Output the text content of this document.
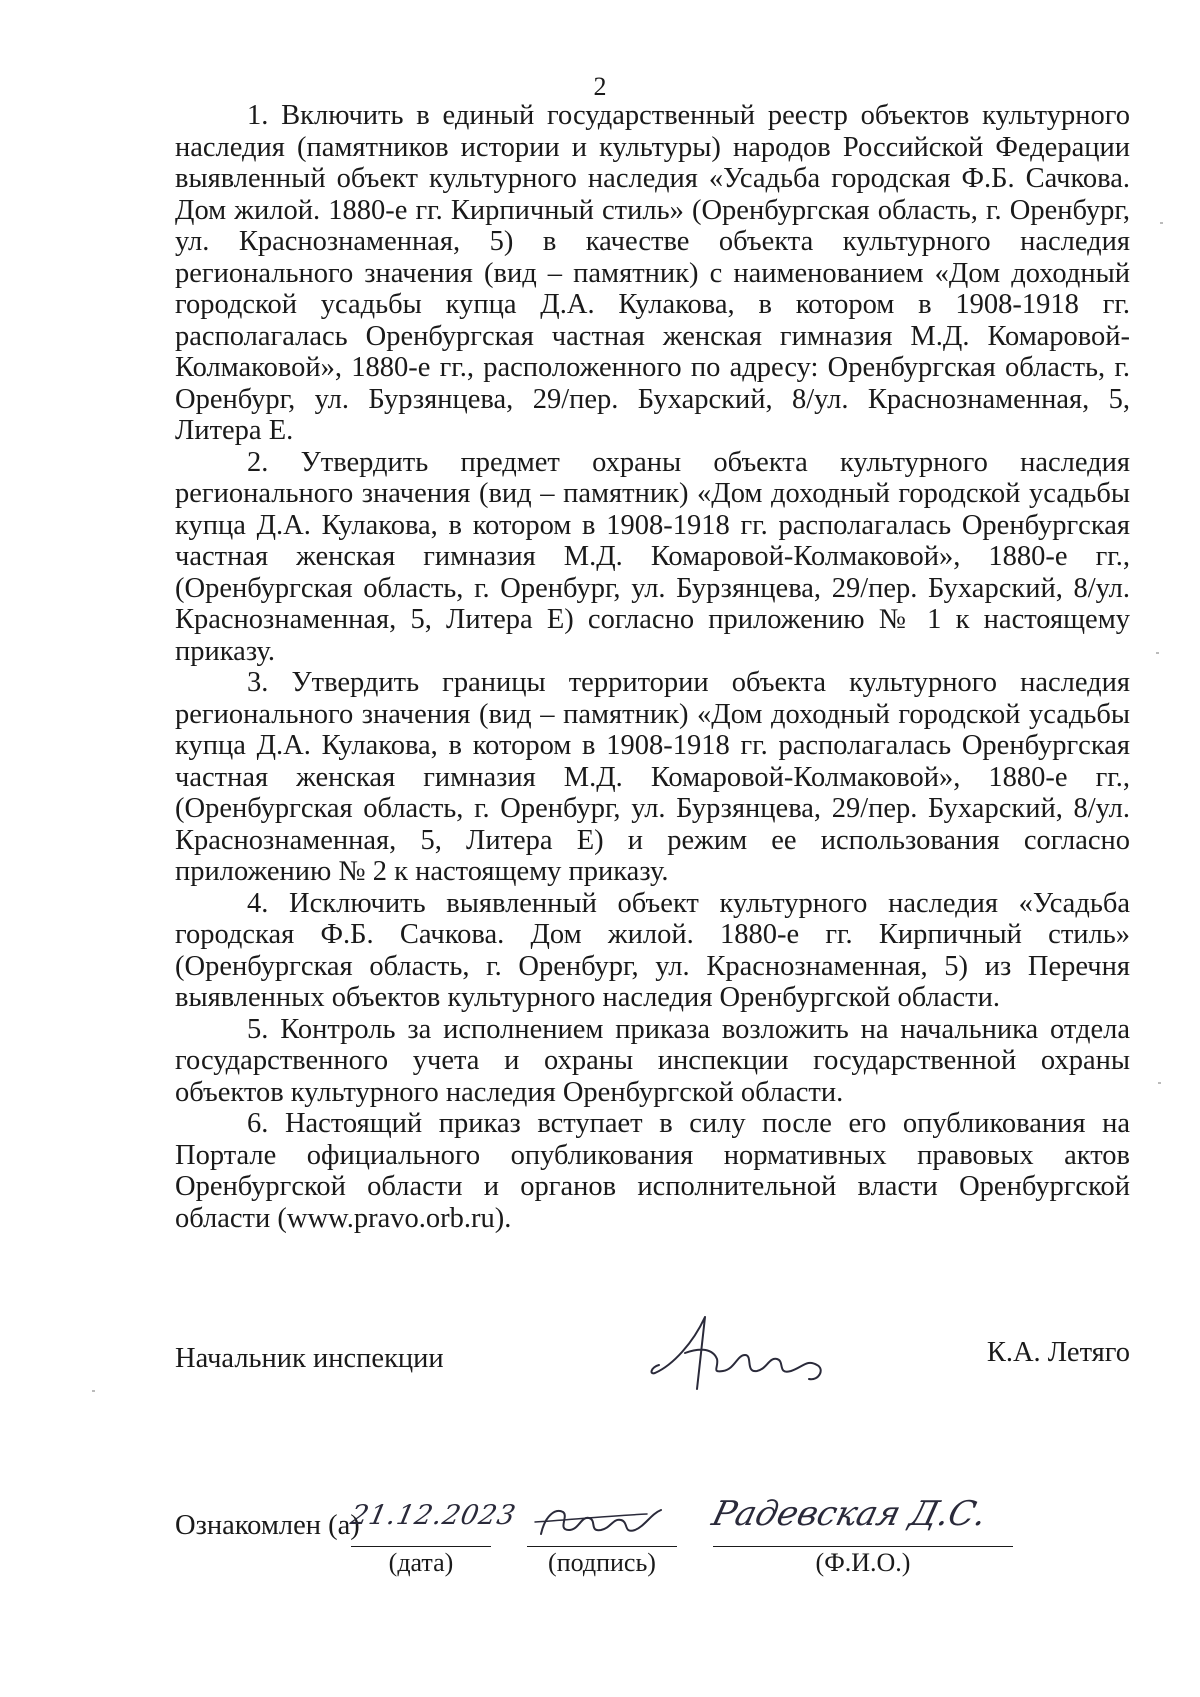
2

1. Включить в единый государственный реестр объектов культурного наследия (памятников истории и культуры) народов Российской Федерации выявленный объект культурного наследия «Усадьба городская Ф.Б. Сачкова. Дом жилой. 1880-е гг. Кирпичный стиль» (Оренбургская область, г. Оренбург, ул. Краснознаменная, 5) в качестве объекта культурного наследия регионального значения (вид – памятник) с наименованием «Дом доходный городской усадьбы купца Д.А. Кулакова, в котором в 1908-1918 гг. располагалась Оренбургская частная женская гимназия М.Д. Комаровой-Колмаковой», 1880-е гг., расположенного по адресу: Оренбургская область, г. Оренбург, ул. Бурзянцева, 29/пер. Бухарский, 8/ул. Краснознаменная, 5, Литера Е.

2. Утвердить предмет охраны объекта культурного наследия регионального значения (вид – памятник) «Дом доходный городской усадьбы купца Д.А. Кулакова, в котором в 1908-1918 гг. располагалась Оренбургская частная женская гимназия М.Д. Комаровой-Колмаковой», 1880-е гг., (Оренбургская область, г. Оренбург, ул. Бурзянцева, 29/пер. Бухарский, 8/ул. Краснознаменная, 5, Литера Е) согласно приложению № 1 к настоящему приказу.

3. Утвердить границы территории объекта культурного наследия регионального значения (вид – памятник) «Дом доходный городской усадьбы купца Д.А. Кулакова, в котором в 1908-1918 гг. располагалась Оренбургская частная женская гимназия М.Д. Комаровой-Колмаковой», 1880-е гг., (Оренбургская область, г. Оренбург, ул. Бурзянцева, 29/пер. Бухарский, 8/ул. Краснознаменная, 5, Литера Е) и режим ее использования согласно приложению № 2 к настоящему приказу.

4. Исключить выявленный объект культурного наследия «Усадьба городская Ф.Б. Сачкова. Дом жилой. 1880-е гг. Кирпичный стиль» (Оренбургская область, г. Оренбург, ул. Краснознаменная, 5) из Перечня выявленных объектов культурного наследия Оренбургской области.

5. Контроль за исполнением приказа возложить на начальника отдела государственного учета и охраны инспекции государственной охраны объектов культурного наследия Оренбургской области.

6. Настоящий приказ вступает в силу после его опубликования на Портале официального опубликования нормативных правовых актов Оренбургской области и органов исполнительной власти Оренбургской области (www.pravo.orb.ru).

Начальник инспекции	К.А. Летяго
Ознакомлен (а)
21.12.2023
(дата)	(подпись)
Радевская Д.С.
(Ф.И.О.)
